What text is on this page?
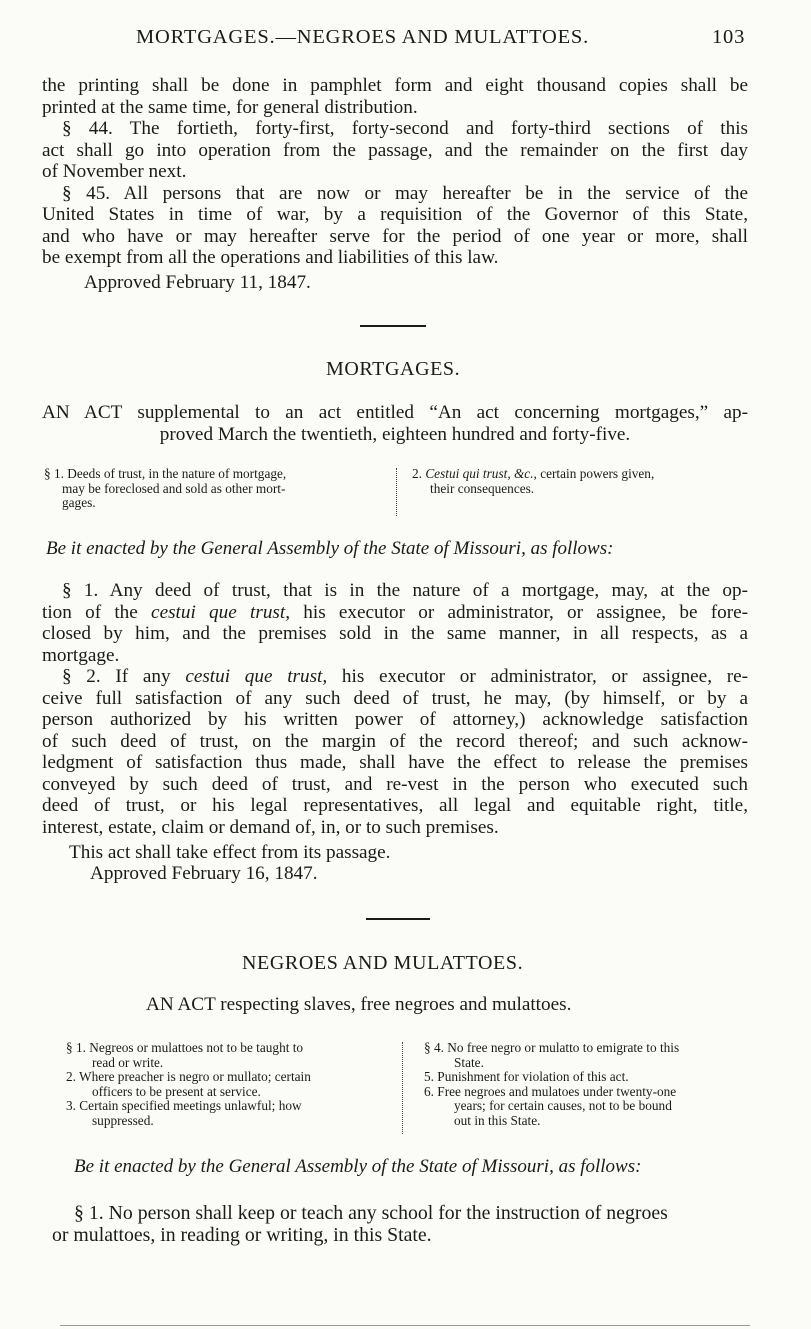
MORTGAGES.—NEGROES AND MULATTOES.	103

the printing shall be done in pamphlet form and eight thousand copies shall be

printed at the same time, for general distribution.

§ 44. The fortieth, forty-first, forty-second and forty-third sections of this

act shall go into operation from the passage, and the remainder on the first day

of November next.

§ 45. All persons that are now or may hereafter be in the service of the

United States in time of war, by a requisition of the Governor of this State,

and who have or may hereafter serve for the period of one year or more, shall

be exempt from all the operations and liabilities of this law.

Approved February 11, 1847.
MORTGAGES.

AN ACT supplemental to an act entitled “An act concerning mortgages,” ap-

proved March the twentieth, eighteen hundred and forty-five.

§ 1. Deeds of trust, in the nature of mortgage,
may be foreclosed and sold as other mort-
gages.
2. Cestui qui trust, &c., certain powers given,
their consequences.
Be it enacted by the General Assembly of the State of Missouri, as follows:

§ 1. Any deed of trust, that is in the nature of a mortgage, may, at the op-

tion of the cestui que trust, his executor or administrator, or assignee, be fore-

closed by him, and the premises sold in the same manner, in all respects, as a

mortgage.

§ 2. If any cestui que trust, his executor or administrator, or assignee, re-

ceive full satisfaction of any such deed of trust, he may, (by himself, or by a

person authorized by his written power of attorney,) acknowledge satisfaction

of such deed of trust, on the margin of the record thereof; and such acknow-

ledgment of satisfaction thus made, shall have the effect to release the premises

conveyed by such deed of trust, and re-vest in the person who executed such

deed of trust, or his legal representatives, all legal and equitable right, title,

interest, estate, claim or demand of, in, or to such premises.

This act shall take effect from its passage.
Approved February 16, 1847.
NEGROES AND MULATTOES.
AN ACT respecting slaves, free negroes and mulattoes.
§ 1. Negreos or mulattoes not to be taught to
read or write.
2. Where preacher is negro or mullato; certain
officers to be present at service.
3. Certain specified meetings unlawful; how
suppressed.
§ 4. No free negro or mulatto to emigrate to this
State.
5. Punishment for violation of this act.
6. Free negroes and mulatoes under twenty-one
years; for certain causes, not to be bound
out in this State.
Be it enacted by the General Assembly of the State of Missouri, as follows:
§ 1. No person shall keep or teach any school for the instruction of negroes
or mulattoes, in reading or writing, in this State.
